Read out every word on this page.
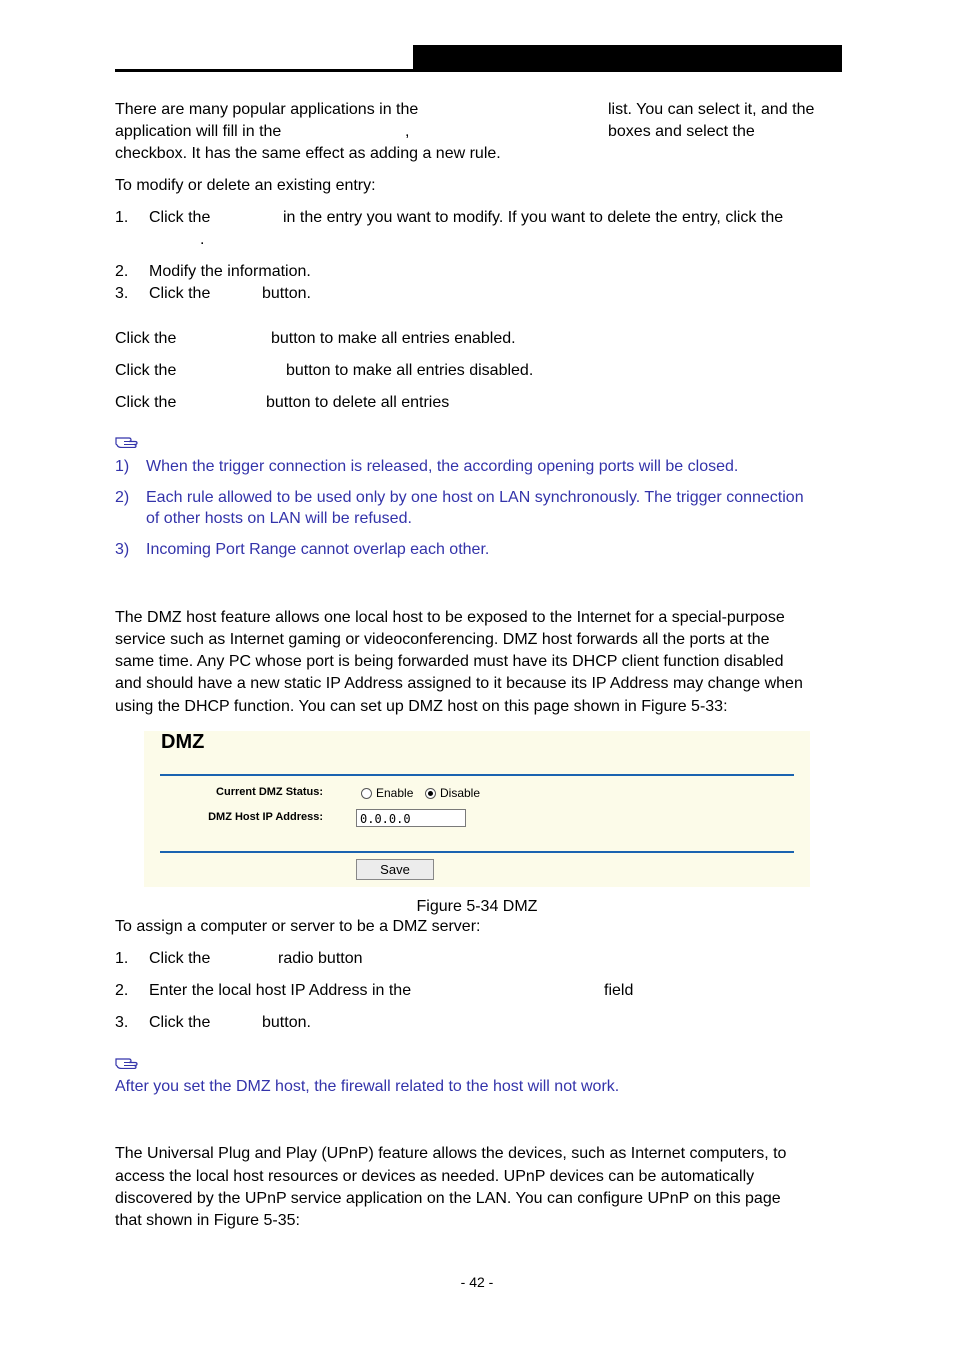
There are many popular applications in the	list. You can select it, and the
application will fill in the	,	boxes and select the
checkbox. It has the same effect as adding a new rule.
To modify or delete an existing entry:
1. Click the	in the entry you want to modify. If you want to delete the entry, click the
.
2. Modify the information.
3. Click the	button.
Click the	button to make all entries enabled.
Click the	button to make all entries disabled.
Click the	button to delete all entries
1) When the trigger connection is released, the according opening ports will be closed.
2) Each rule allowed to be used only by one host on LAN synchronously. The trigger connection
of other hosts on LAN will be refused.
3) Incoming Port Range cannot overlap each other.
The DMZ host feature allows one local host to be exposed to the Internet for a special-purpose
service such as Internet gaming or videoconferencing. DMZ host forwards all the ports at the
same time. Any PC whose port is being forwarded must have its DHCP client function disabled
and should have a new static IP Address assigned to it because its IP Address may change when
using the DHCP function. You can set up DMZ host on this page shown in Figure 5-33:
DMZ
Current DMZ Status:	Enable Disable
DMZ Host IP Address:	0.0.0.0
Save
Figure 5-34 DMZ
To assign a computer or server to be a DMZ server:
1. Click the	radio button
2. Enter the local host IP Address in the	field
3. Click the	button.
After you set the DMZ host, the firewall related to the host will not work.
The Universal Plug and Play (UPnP) feature allows the devices, such as Internet computers, to
access the local host resources or devices as needed. UPnP devices can be automatically
discovered by the UPnP service application on the LAN. You can configure UPnP on this page
that shown in Figure 5-35:
- 42 -
